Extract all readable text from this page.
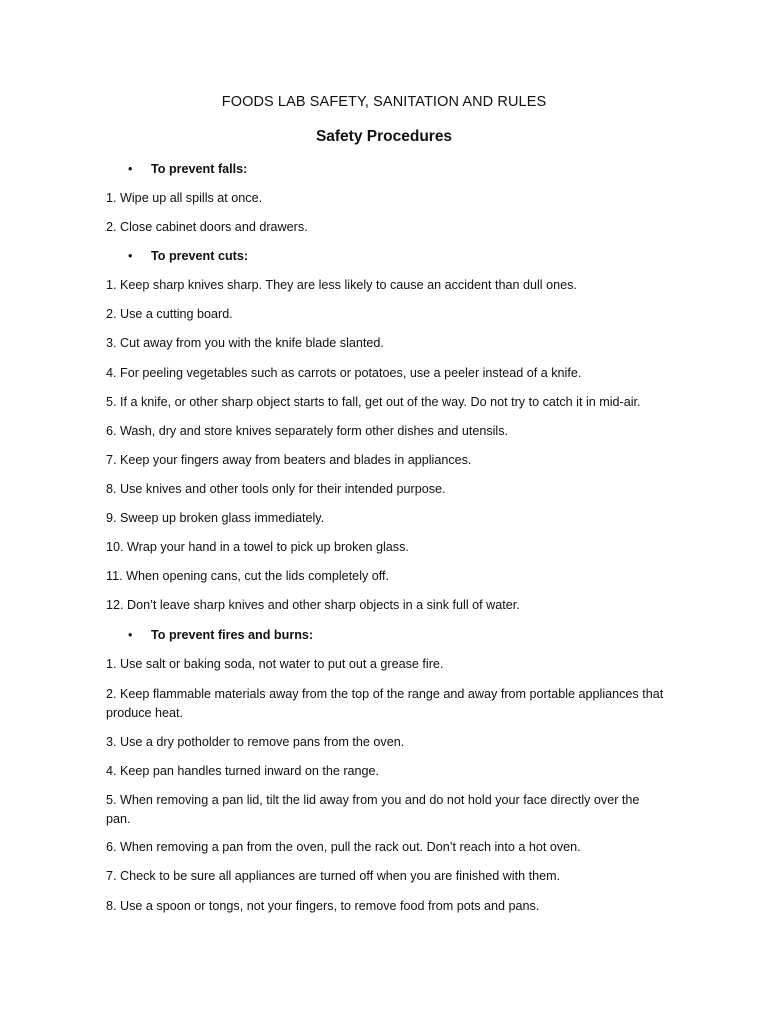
FOODS LAB SAFETY, SANITATION AND RULES
Safety Procedures
• To prevent falls:
1. Wipe up all spills at once.
2. Close cabinet doors and drawers.
• To prevent cuts:
1. Keep sharp knives sharp. They are less likely to cause an accident than dull ones.
2. Use a cutting board.
3. Cut away from you with the knife blade slanted.
4. For peeling vegetables such as carrots or potatoes, use a peeler instead of a knife.
5. If a knife, or other sharp object starts to fall, get out of the way. Do not try to catch it in mid-air.
6. Wash, dry and store knives separately form other dishes and utensils.
7. Keep your fingers away from beaters and blades in appliances.
8. Use knives and other tools only for their intended purpose.
9. Sweep up broken glass immediately.
10. Wrap your hand in a towel to pick up broken glass.
11. When opening cans, cut the lids completely off.
12. Don’t leave sharp knives and other sharp objects in a sink full of water.
• To prevent fires and burns:
1. Use salt or baking soda, not water to put out a grease fire.
2. Keep flammable materials away from the top of the range and away from portable appliances that produce heat.
3. Use a dry potholder to remove pans from the oven.
4. Keep pan handles turned inward on the range.
5. When removing a pan lid, tilt the lid away from you and do not hold your face directly over the pan.
6. When removing a pan from the oven, pull the rack out. Don’t reach into a hot oven.
7. Check to be sure all appliances are turned off when you are finished with them.
8. Use a spoon or tongs, not your fingers, to remove food from pots and pans.
